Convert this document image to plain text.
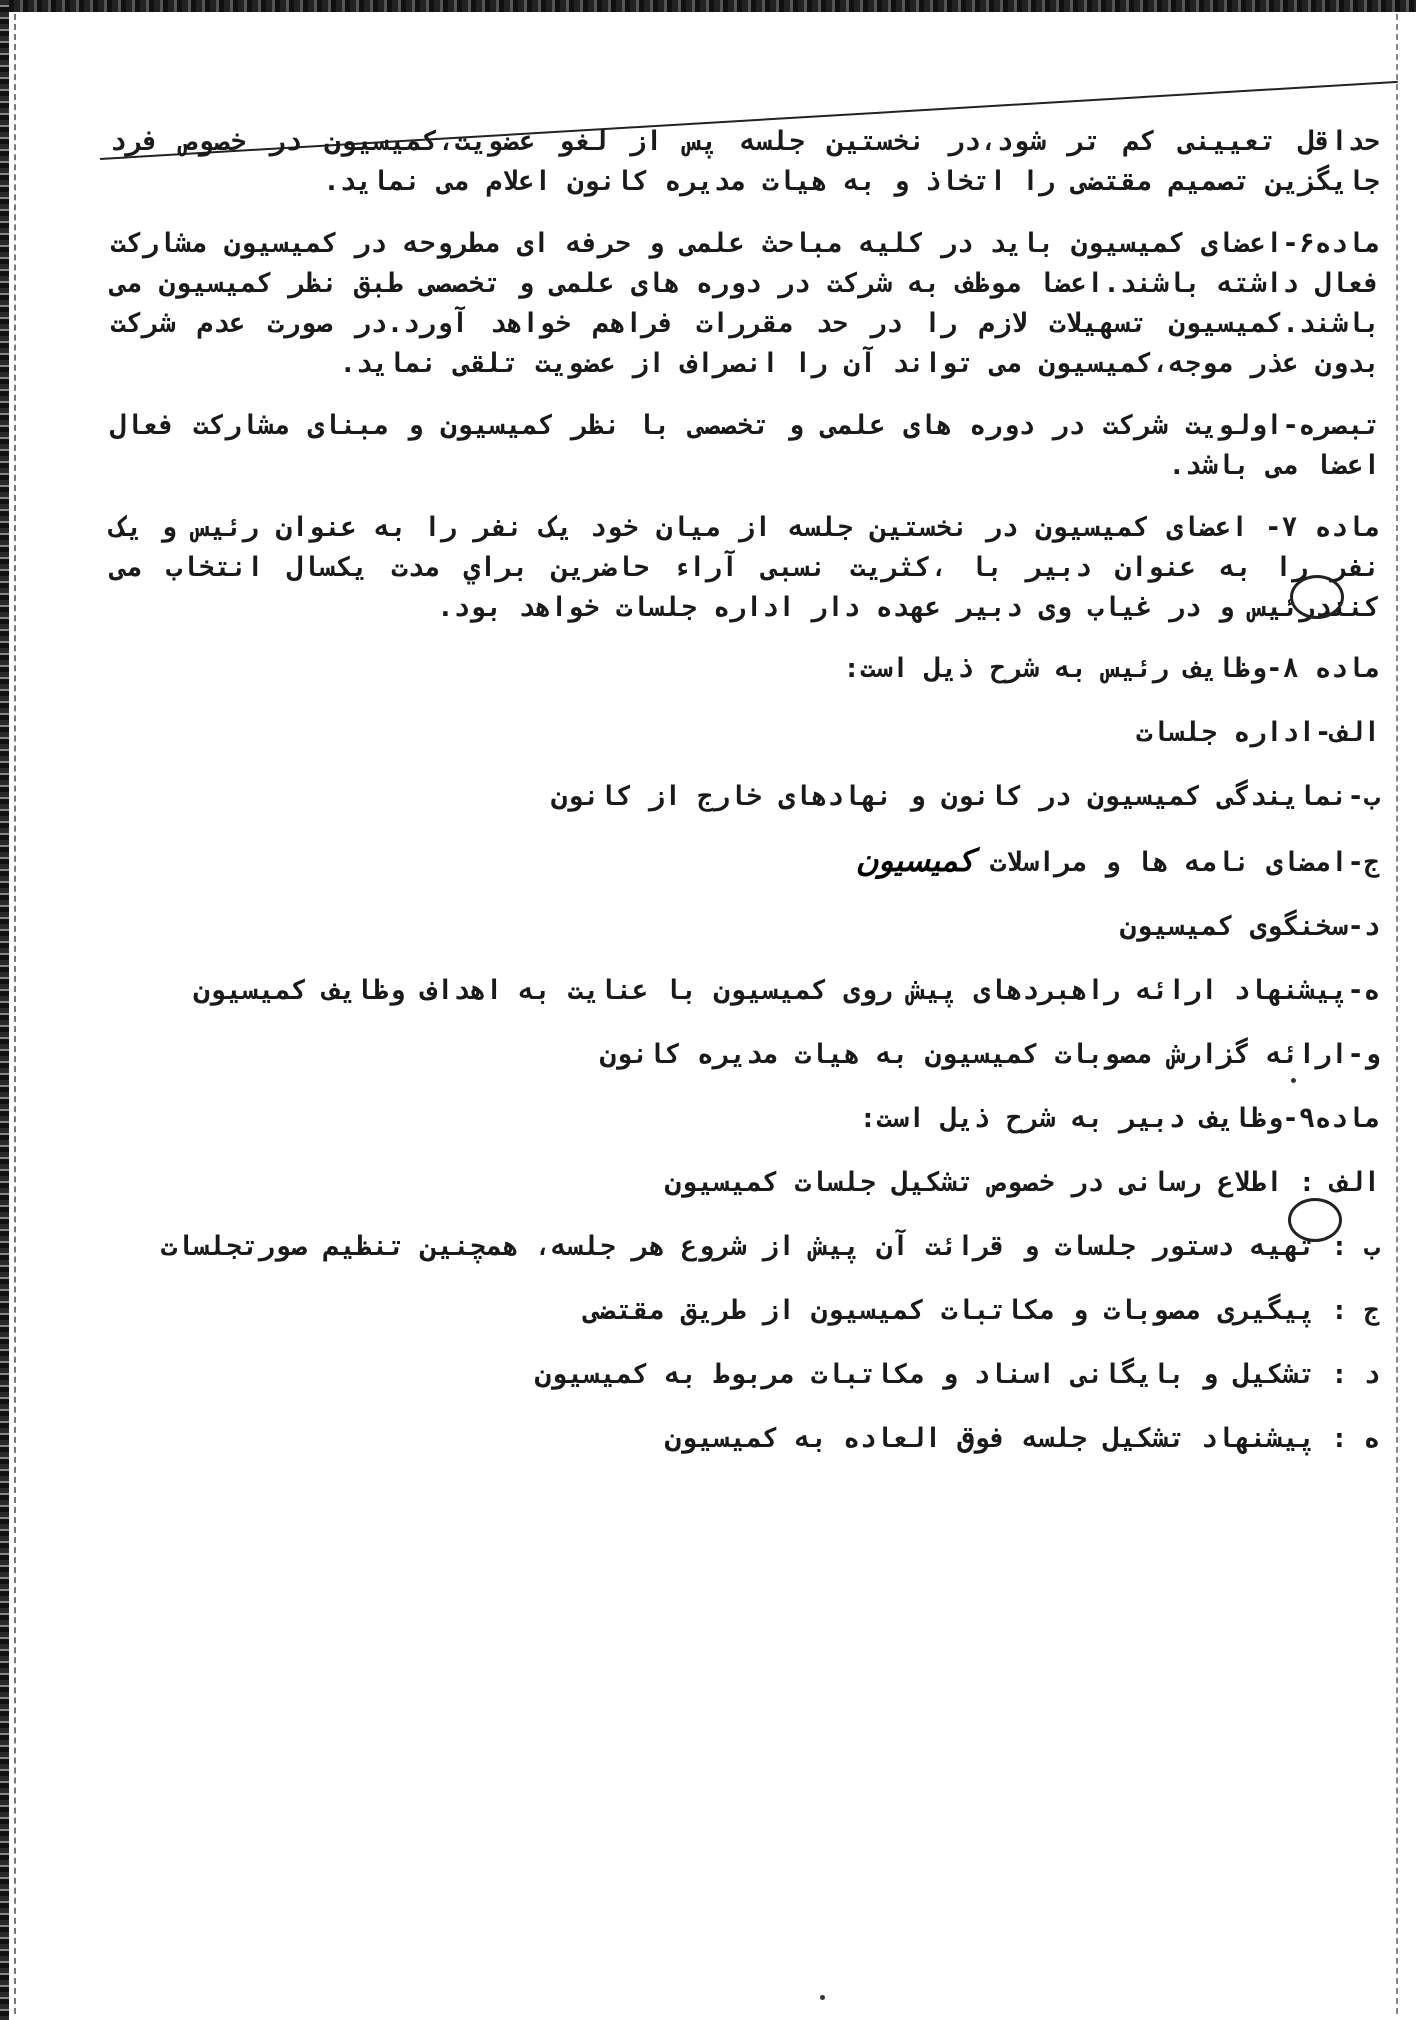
حداقل تعیینی کم تر شود،در نخستین جلسه پس از لغو عضویت،کمیسیون در خصوص فرد جایگزین تصمیم مقتضی را اتخاذ و به هیات مدیره کانون اعلام می نماید.

ماده۶-اعضای کمیسیون باید در کلیه مباحث علمی و حرفه ای مطروحه در کمیسیون مشارکت فعال داشته باشند.اعضا موظف به شرکت در دوره های علمی و تخصصی طبق نظر کمیسیون می باشند.کمیسیون تسهیلات لازم را در حد مقررات فراهم خواهد آورد.در صورت عدم شرکت بدون عذر موجه،کمیسیون می تواند آن را انصراف از عضویت تلقی نماید.

تبصره-اولویت شرکت در دوره های علمی و تخصصی با نظر کمیسیون و مبنای مشارکت فعال اعضا می باشد.

ماده ۷- اعضای کمیسیون در نخستین جلسه از میان خود یک نفر را به عنوان رئیس و یک نفر را به عنوان دبیر با ،کثریت نسبی آراء حاضرین براي مدت یکسال انتخاب می کنندرئیس و در غیاب وی دبیر عهده دار اداره جلسات خواهد بود.

ماده ۸-وظایف رئیس به شرح ذیل است:
الف-اداره جلسات
ب-نمایندگی کمیسیون در کانون و نهادهای خارج از کانون
ج-امضای نامه ها و مراسلات کمیسیون
د-سخنگوی کمیسیون
ه-پیشنهاد ارائه راهبردهای پیش روی کمیسیون با عنایت به اهداف وظایف کمیسیون
و-ارائه گزارش مصوبات کمیسیون به هیات مدیره کانون
ماده۹-وظایف دبیر به شرح ذیل است:
الف : اطلاع رسانی در خصوص تشکیل جلسات کمیسیون
ب : تهیه دستور جلسات و قرائت آن پیش از شروع هر جلسه، همچنین تنظیم صورتجلسات
ج : پیگیری مصوبات و مکاتبات کمیسیون از طریق مقتضی
د : تشکیل و بایگانی اسناد و مکاتبات مربوط به کمیسیون
ه : پیشنهاد تشکیل جلسه فوق العاده به کمیسیون
